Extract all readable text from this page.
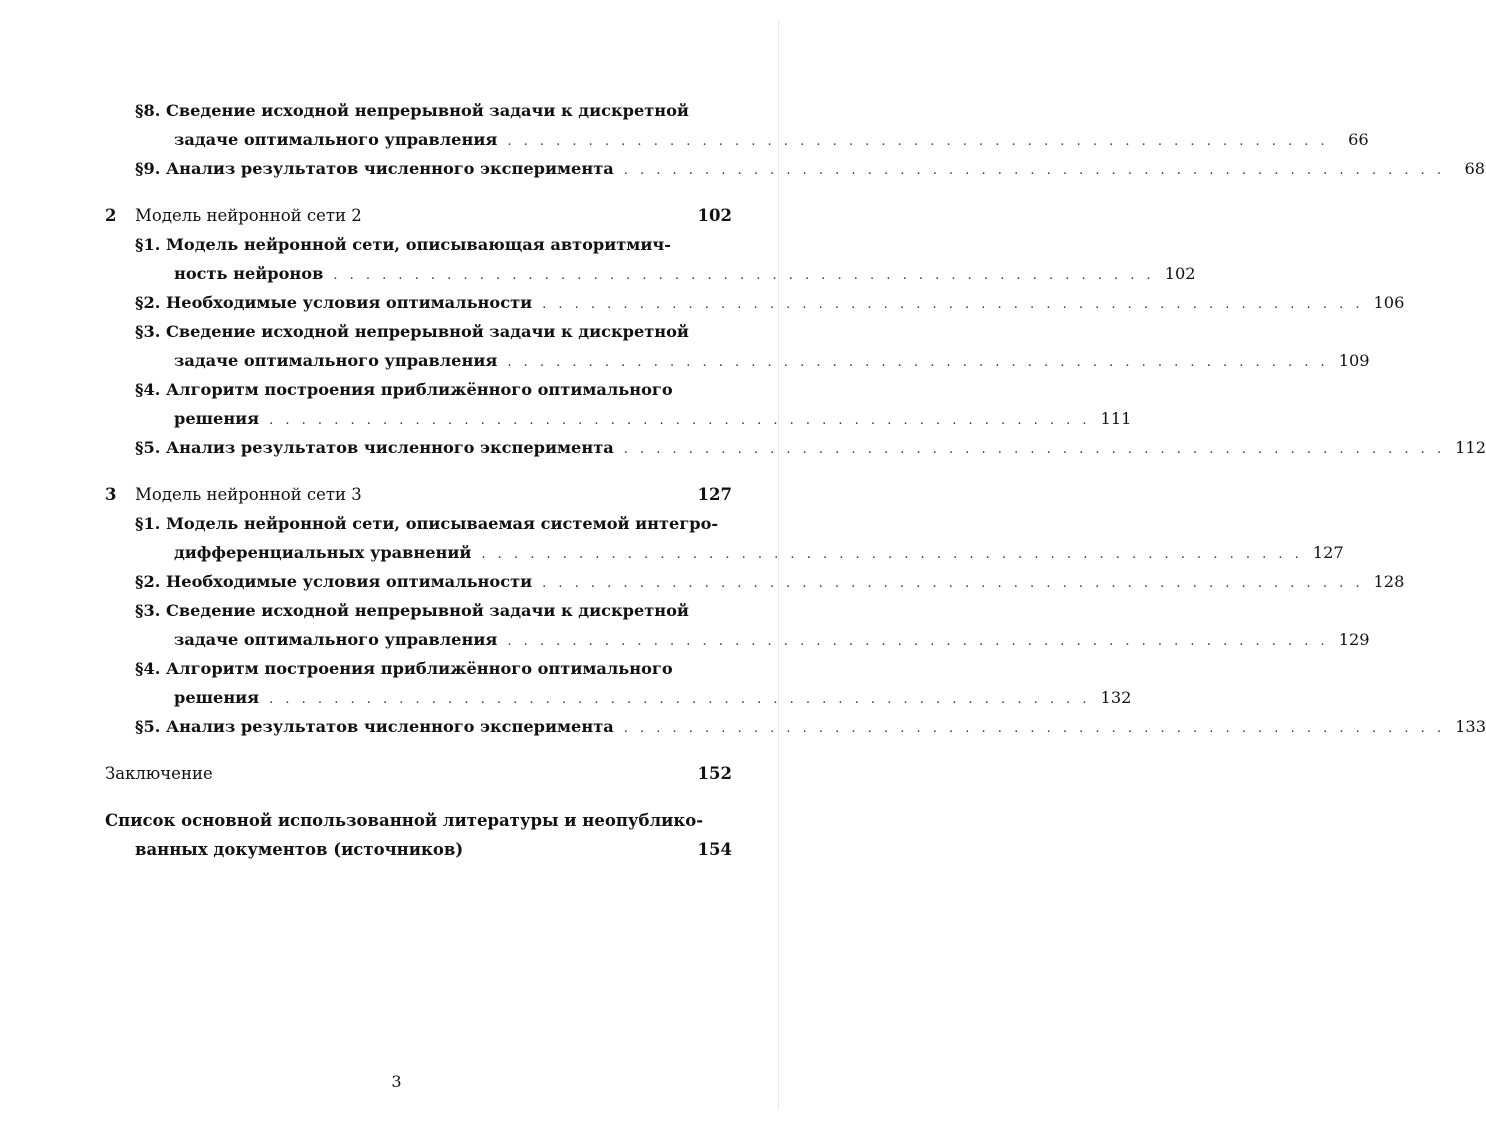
§8. Сведение исходной непрерывной задачи к дискретной
задаче оптимального управления . . . . . . . . . . . . . . . . . . . . . . . . . . . . . . . . . . . . . . . . . . . . . . . . . . .	66
§9. Анализ результатов численного эксперимента . . . . . . . . . . . . . . . . . . . . . . . . . . . . . . . . . . . . . . . . . . . . . . . . . . .	68
2 Модель нейронной сети 2	102
§1. Модель нейронной сети, описывающая авторитмич-
ность нейронов . . . . . . . . . . . . . . . . . . . . . . . . . . . . . . . . . . . . . . . . . . . . . . . . . . . 102
§2. Необходимые условия оптимальности . . . . . . . . . . . . . . . . . . . . . . . . . . . . . . . . . . . . . . . . . . . . . . . . . . . 106
§3. Сведение исходной непрерывной задачи к дискретной
задаче оптимального управления . . . . . . . . . . . . . . . . . . . . . . . . . . . . . . . . . . . . . . . . . . . . . . . . . . . 109
§4. Алгоритм построения приближённого оптимального
решения . . . . . . . . . . . . . . . . . . . . . . . . . . . . . . . . . . . . . . . . . . . . . . . . . . . 111
§5. Анализ результатов численного эксперимента . . . . . . . . . . . . . . . . . . . . . . . . . . . . . . . . . . . . . . . . . . . . . . . . . . . 112
3 Модель нейронной сети 3	127
§1. Модель нейронной сети, описываемая системой интегро-
дифференциальных уравнений . . . . . . . . . . . . . . . . . . . . . . . . . . . . . . . . . . . . . . . . . . . . . . . . . . . 127
§2. Необходимые условия оптимальности . . . . . . . . . . . . . . . . . . . . . . . . . . . . . . . . . . . . . . . . . . . . . . . . . . . 128
§3. Сведение исходной непрерывной задачи к дискретной
задаче оптимального управления . . . . . . . . . . . . . . . . . . . . . . . . . . . . . . . . . . . . . . . . . . . . . . . . . . . 129
§4. Алгоритм построения приближённого оптимального
решения . . . . . . . . . . . . . . . . . . . . . . . . . . . . . . . . . . . . . . . . . . . . . . . . . . . 132
§5. Анализ результатов численного эксперимента . . . . . . . . . . . . . . . . . . . . . . . . . . . . . . . . . . . . . . . . . . . . . . . . . . . 133
Заключение	152
Список основной использованной литературы и неопублико-
ванных документов (источников)	154
3
